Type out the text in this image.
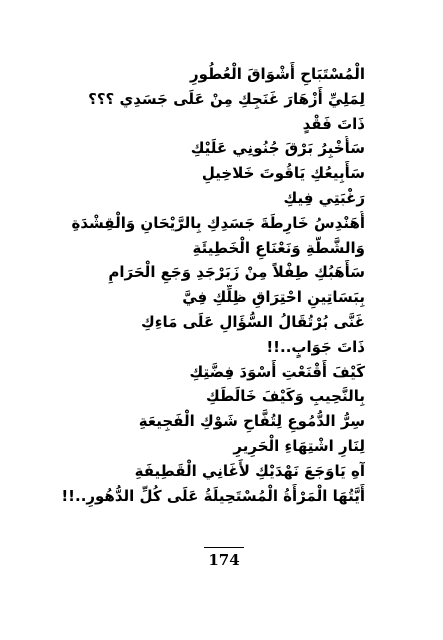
الْمُسْتَبَاحِ أَشْوَاقَ الْعُطُورِ
لِمَلِيِّ أَزْهَارَ غَنَجِكِ مِنْ عَلَى جَسَدِي ؟؟؟
ذَاتَ فَقْدٍ
سَأُخْبِرُ بَرْقَ جُنُونِي عَلَيْكِ
سَأَبِيعُكِ يَاقُوتَ خَلاخِيلِ
رَغْبَتِي فِيكِ
أُهَنْدِسُ خَارِطَةَ جَسَدِكِ بِالرَّيْحَانِ وَالْقِشْدَةِ
وَالشَّطَّةِ وَنَعْنَاعِ الْخَطِيئَةِ
سَأَهَبُكِ طِفْلاً مِنْ زَبَرْجَدِ وَجَعِ الْحَرَامِ
بِبَسَاتِينِ احْتِرَاقِ ظِلِّكِ فِيَّ
غَنَّى بُرْتُقَالُ السُّؤَالِ عَلَى مَاءِكِ
ذَاتَ جَوَابٍ..!!
كَيْفَ أَقْنَعْتِ أَسْوَدَ فِضَّتِكِ
بِالنَّحِيبِ وَكَيْفَ خَالَطَكِ
سِرُّ الدُّمُوعِ لِتُفَّاحِ شَوْكِ الْفَجِيعَةِ
لِنَارِ اشْتِهَاءِ الْحَرِيرِ
آهِ يَاوَجَعَ نَهْدَيْكِ لأَغَانِي الْقَطِيفَةِ
أَيَّتُهَا الْمَرْأَةُ الْمُسْتَحِيلَةُ عَلَى كُلِّ الدُّهُورِ..!!
174
